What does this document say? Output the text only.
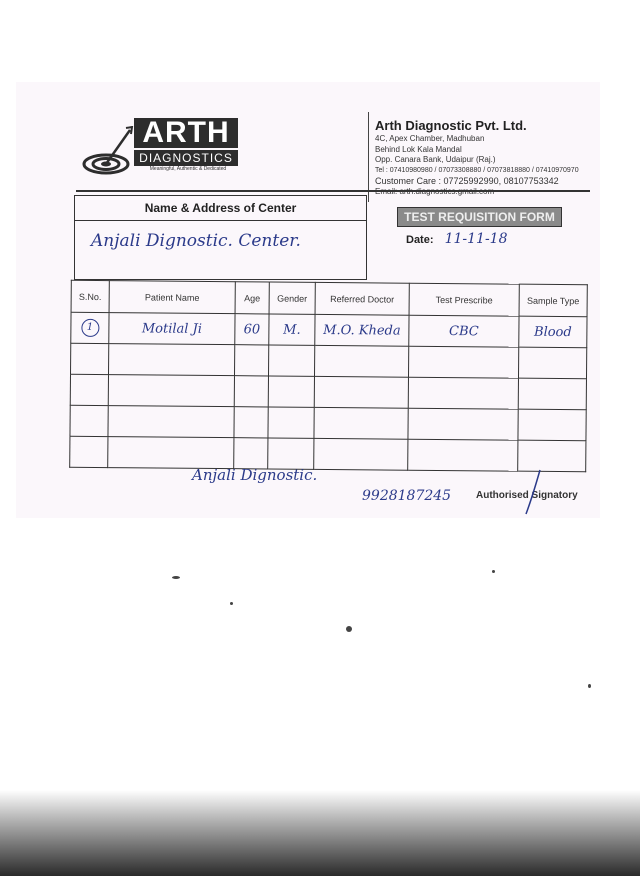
ARTH
DIAGNOSTICS
Meaningful, Authentic & Dedicated
Arth Diagnostic Pvt. Ltd.
4C, Apex Chamber, Madhuban
Behind Lok Kala Mandal
Opp. Canara Bank, Udaipur (Raj.)
Tel : 07410980980 / 07073308880 / 07073818880 / 07410970970
Customer Care : 07725992990, 08107753342
Name & Address of Center
Anjali Dignostic. Center.
TEST REQUISITION FORM
Date: 11-11-18
S.No.	Patient Name	Age	Gender	Referred Doctor	Test Prescribe	Sample Type
1	Motilal Ji	60	M.	M.O. Kheda	CBC	Blood

Anjali Dignostic.
9928187245 Authorised Signatory
